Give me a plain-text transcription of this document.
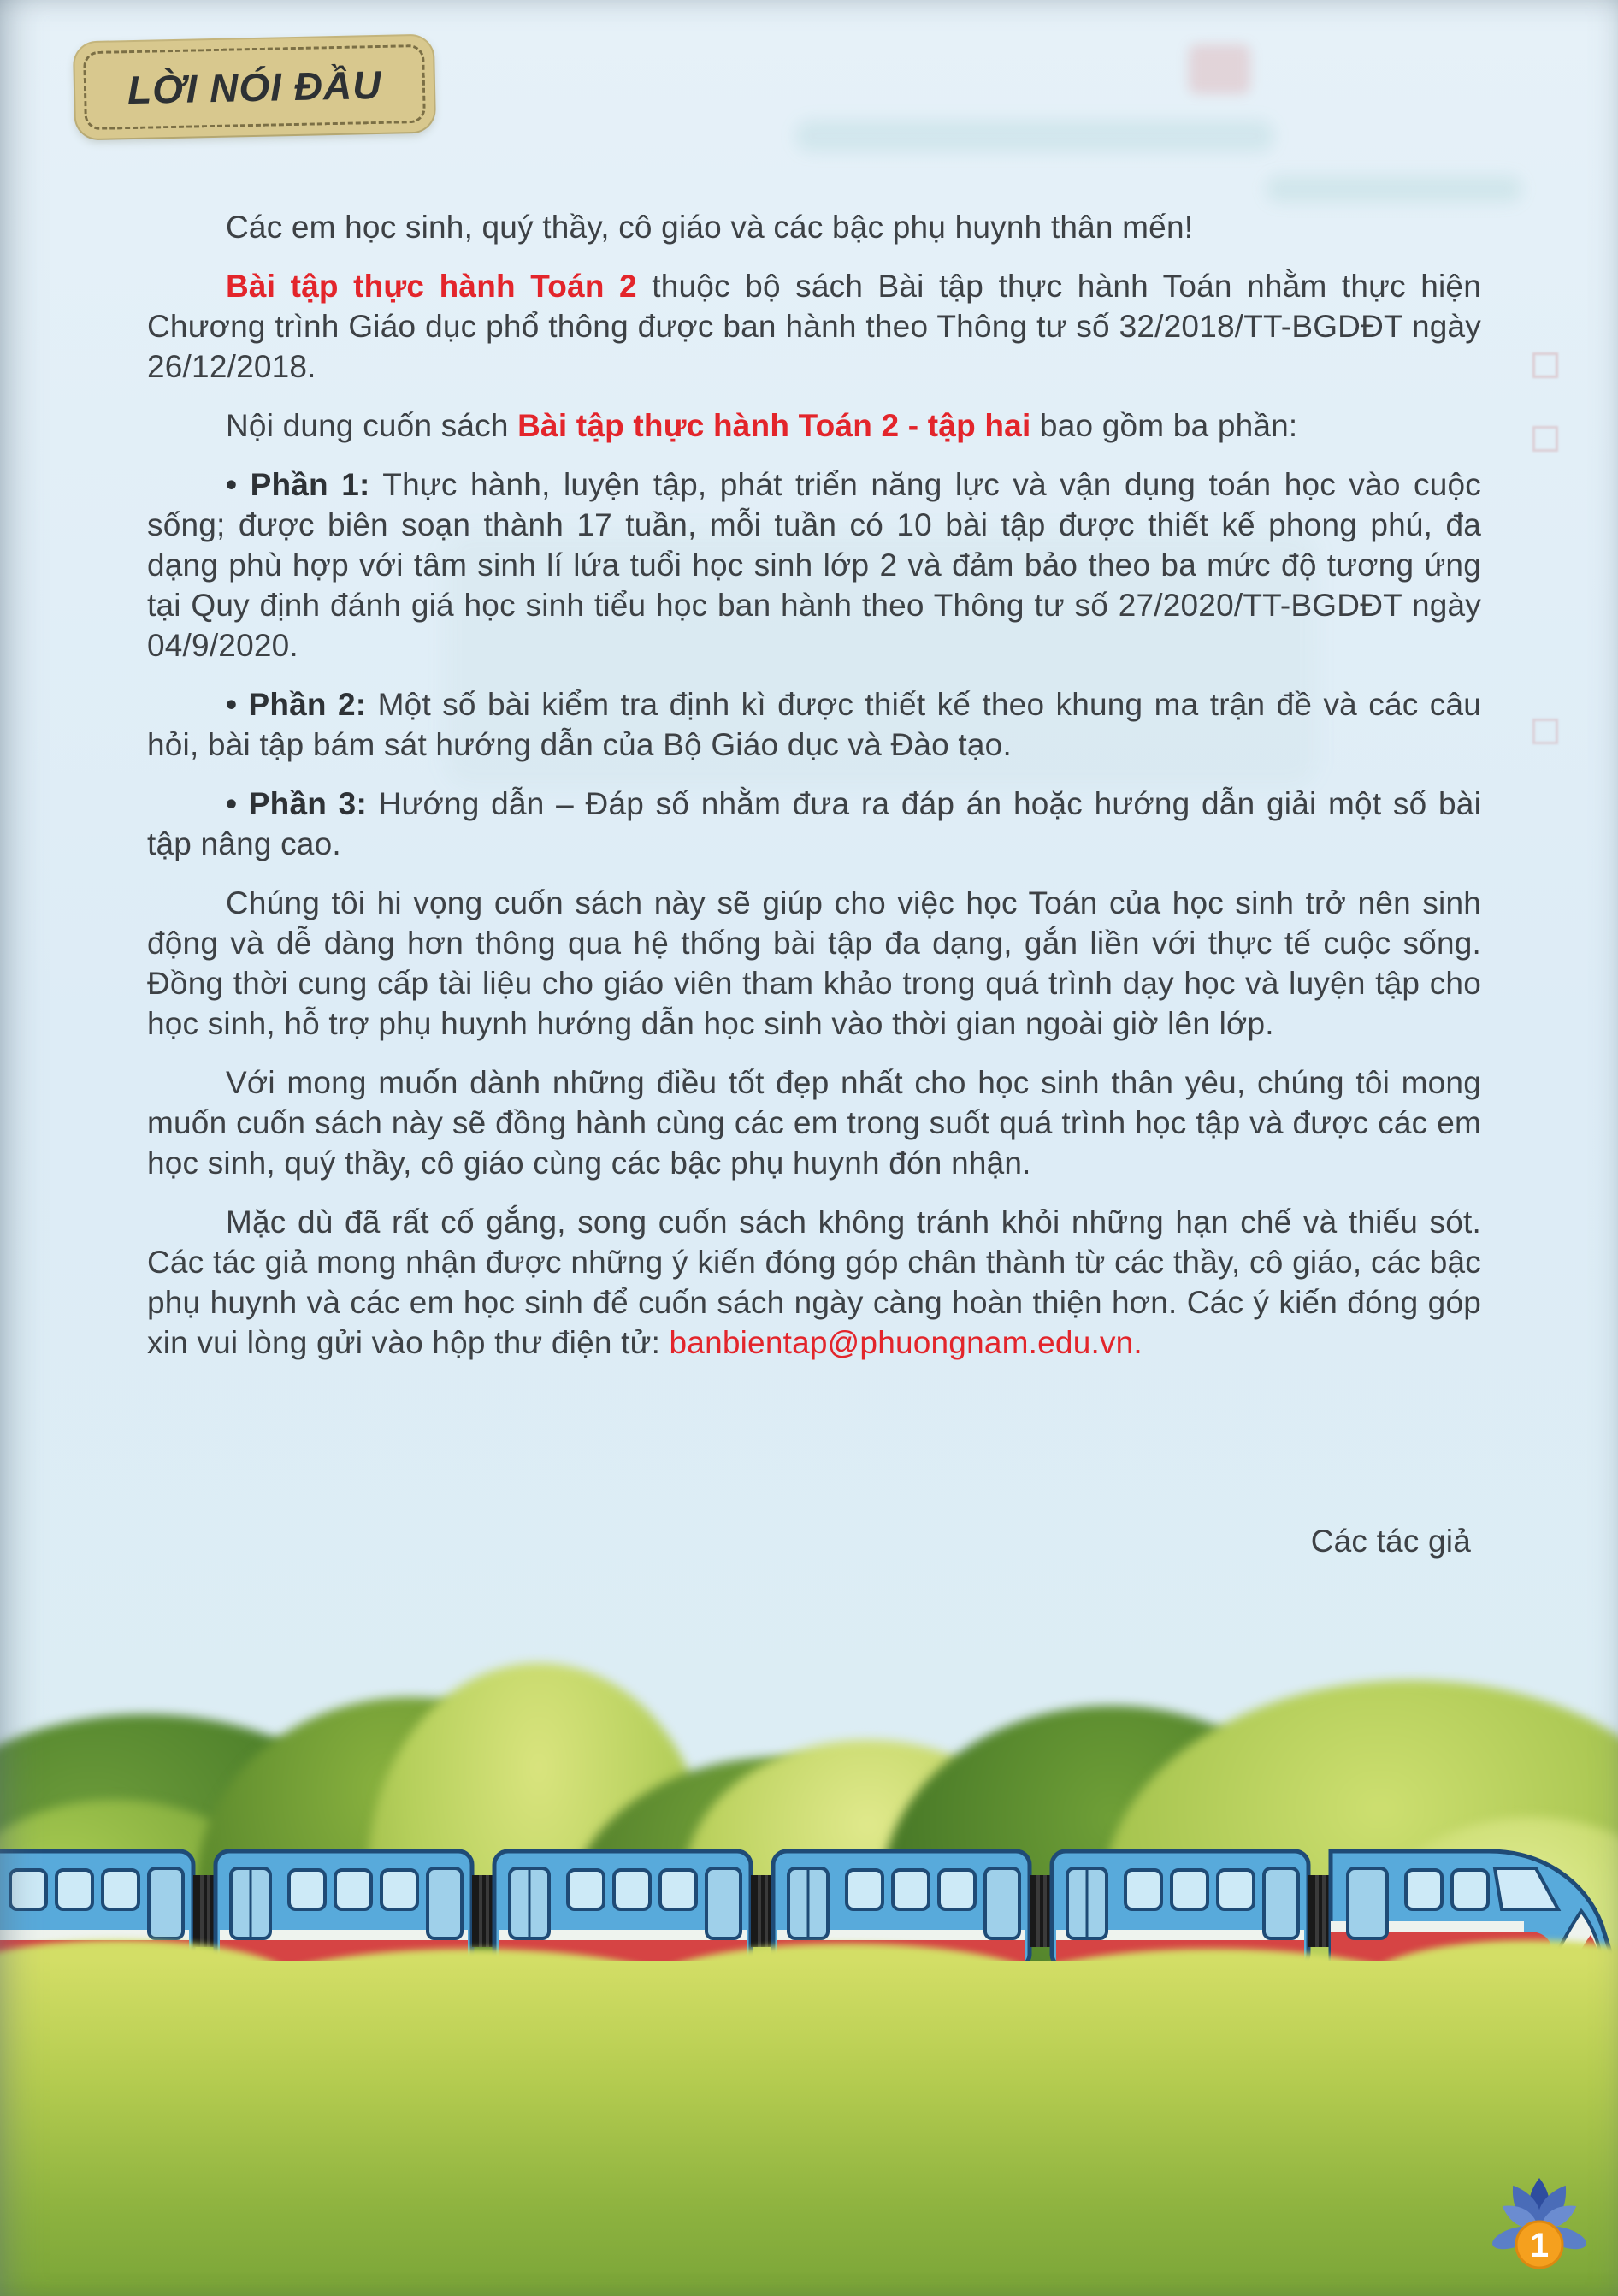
LỜI NÓI ĐẦU

Các em học sinh, quý thầy, cô giáo và các bậc phụ huynh thân mến!

Bài tập thực hành Toán 2 thuộc bộ sách Bài tập thực hành Toán nhằm thực hiện Chương trình Giáo dục phổ thông được ban hành theo Thông tư số 32/2018/TT-BGDĐT ngày 26/12/2018.

Nội dung cuốn sách Bài tập thực hành Toán 2 - tập hai bao gồm ba phần:

• Phần 1: Thực hành, luyện tập, phát triển năng lực và vận dụng toán học vào cuộc sống; được biên soạn thành 17 tuần, mỗi tuần có 10 bài tập được thiết kế phong phú, đa dạng phù hợp với tâm sinh lí lứa tuổi học sinh lớp 2 và đảm bảo theo ba mức độ tương ứng tại Quy định đánh giá học sinh tiểu học ban hành theo Thông tư số 27/2020/TT-BGDĐT ngày 04/9/2020.

• Phần 2: Một số bài kiểm tra định kì được thiết kế theo khung ma trận đề và các câu hỏi, bài tập bám sát hướng dẫn của Bộ Giáo dục và Đào tạo.

• Phần 3: Hướng dẫn – Đáp số nhằm đưa ra đáp án hoặc hướng dẫn giải một số bài tập nâng cao.

Chúng tôi hi vọng cuốn sách này sẽ giúp cho việc học Toán của học sinh trở nên sinh động và dễ dàng hơn thông qua hệ thống bài tập đa dạng, gắn liền với thực tế cuộc sống. Đồng thời cung cấp tài liệu cho giáo viên tham khảo trong quá trình dạy học và luyện tập cho học sinh, hỗ trợ phụ huynh hướng dẫn học sinh vào thời gian ngoài giờ lên lớp.

Với mong muốn dành những điều tốt đẹp nhất cho học sinh thân yêu, chúng tôi mong muốn cuốn sách này sẽ đồng hành cùng các em trong suốt quá trình học tập và được các em học sinh, quý thầy, cô giáo cùng các bậc phụ huynh đón nhận.

Mặc dù đã rất cố gắng, song cuốn sách không tránh khỏi những hạn chế và thiếu sót. Các tác giả mong nhận được những ý kiến đóng góp chân thành từ các thầy, cô giáo, các bậc phụ huynh và các em học sinh để cuốn sách ngày càng hoàn thiện hơn. Các ý kiến đóng góp xin vui lòng gửi vào hộp thư điện tử: banbientap@phuongnam.edu.vn.

Các tác giả

1
